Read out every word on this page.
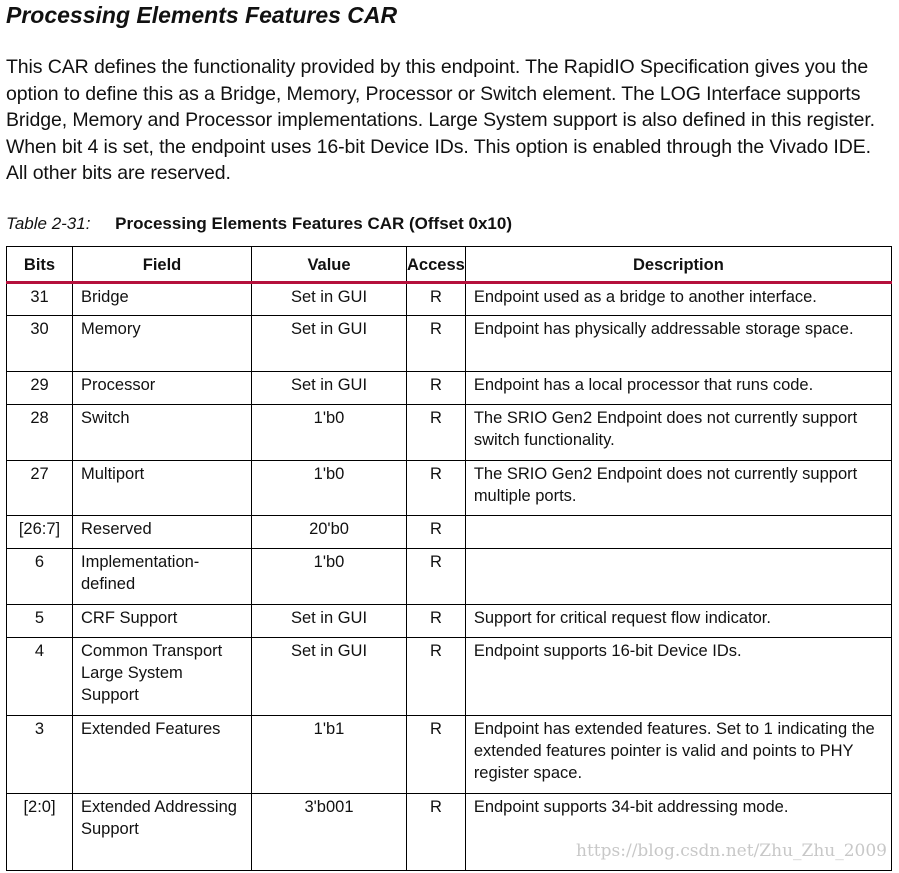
Processing Elements Features CAR

This CAR defines the functionality provided by this endpoint. The RapidIO Specification gives you the option to define this as a Bridge, Memory, Processor or Switch element. The LOG Interface supports Bridge, Memory and Processor implementations. Large System support is also defined in this register. When bit 4 is set, the endpoint uses 16-bit Device IDs. This option is enabled through the Vivado IDE. All other bits are reserved.

Table 2-31: Processing Elements Features CAR (Offset 0x10)
Bits	Field	Value	Access	Description
31	Bridge	Set in GUI	R	Endpoint used as a bridge to another interface.
30	Memory	Set in GUI	R	Endpoint has physically addressable storage space.
29	Processor	Set in GUI	R	Endpoint has a local processor that runs code.
28	Switch	1'b0	R	The SRIO Gen2 Endpoint does not currently support switch functionality.
27	Multiport	1'b0	R	The SRIO Gen2 Endpoint does not currently support multiple ports.
[26:7]	Reserved	20'b0	R	
6	Implementation-defined	1'b0	R	
5	CRF Support	Set in GUI	R	Support for critical request flow indicator.
4	Common Transport Large System Support	Set in GUI	R	Endpoint supports 16-bit Device IDs.
3	Extended Features	1'b1	R	Endpoint has extended features. Set to 1 indicating the extended features pointer is valid and points to PHY register space.
[2:0]	Extended Addressing Support	3'b001	R	Endpoint supports 34-bit addressing mode.
https://blog.csdn.net/Zhu_Zhu_2009
